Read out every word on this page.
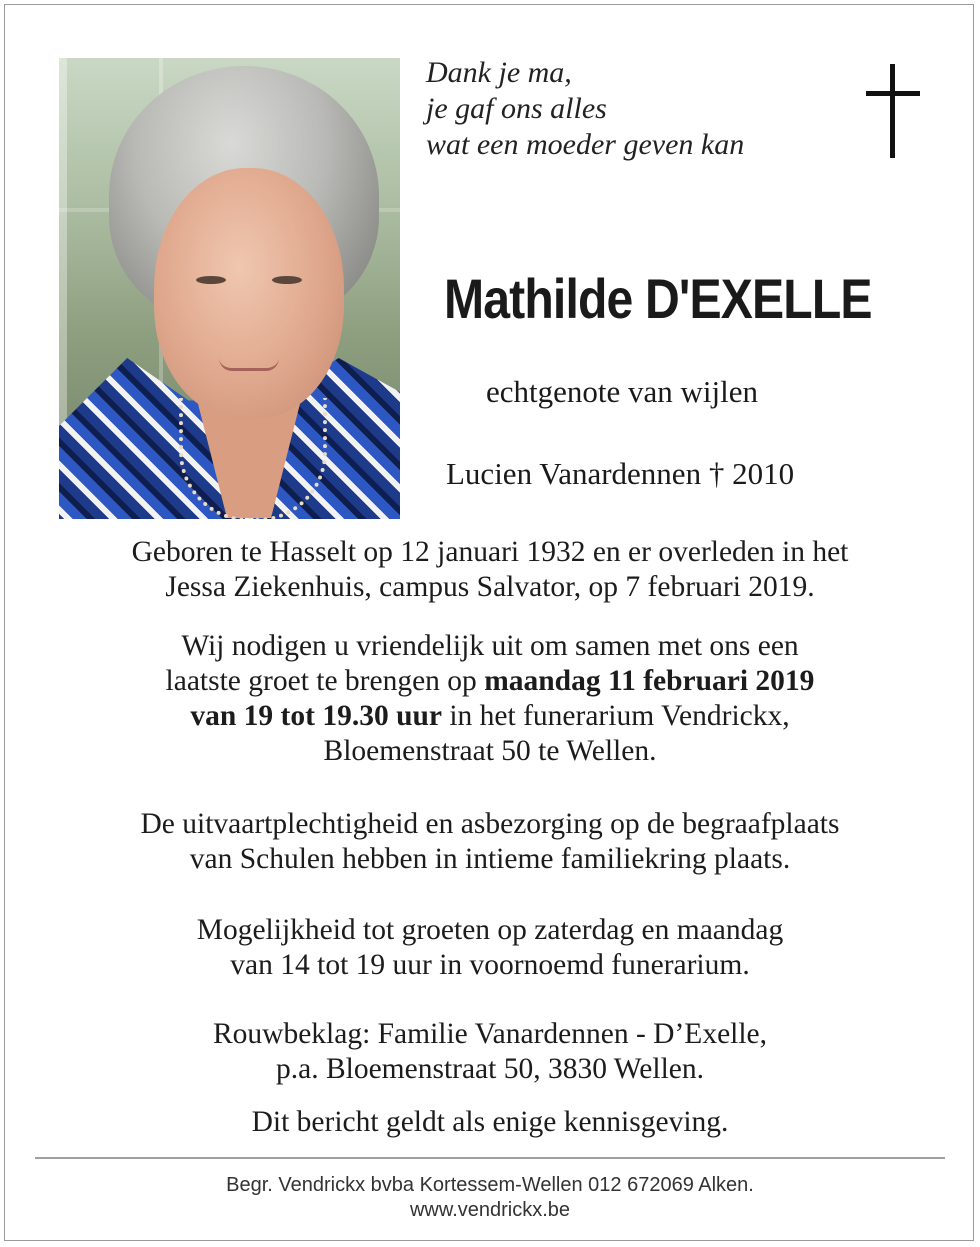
Dank je ma,
je gaf ons alles
wat een moeder geven kan
Mathilde D'EXELLE
echtgenote van wijlen
Lucien Vanardennen † 2010
Geboren te Hasselt op 12 januari 1932 en er overleden in het
Jessa Ziekenhuis, campus Salvator, op 7 februari 2019.
Wij nodigen u vriendelijk uit om samen met ons een
laatste groet te brengen op maandag 11 februari 2019
van 19 tot 19.30 uur in het funerarium Vendrickx,
Bloemenstraat 50 te Wellen.
De uitvaartplechtigheid en asbezorging op de begraafplaats
van Schulen hebben in intieme familiekring plaats.
Mogelijkheid tot groeten op zaterdag en maandag
van 14 tot 19 uur in voornoemd funerarium.
Rouwbeklag: Familie Vanardennen - D’Exelle,
p.a. Bloemenstraat 50, 3830 Wellen.
Dit bericht geldt als enige kennisgeving.
Begr. Vendrickx bvba Kortessem-Wellen 012 672069 Alken.
www.vendrickx.be
